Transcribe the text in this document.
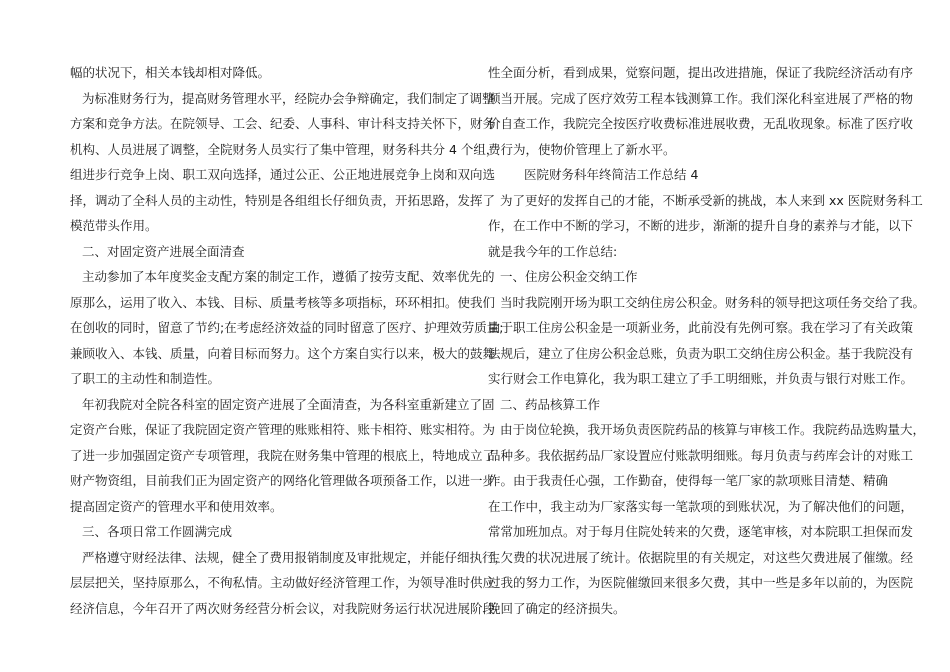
幅的状况下，相关本钱却相对降低。
为标准财务行为，提高财务管理水平，经院办会争辩确定，我们制定了调整
方案和竞争方法。在院领导、工会、纪委、人事科、审计科支持关怀下，财务
机构、人员进展了调整，全院财务人员实行了集中管理，财务科共分 4 个组，
组进步行竞争上岗、职工双向选择，通过公正、公正地进展竞争上岗和双向选
择，调动了全科人员的主动性，特别是各组组长仔细负责，开拓思路，发挥了
模范带头作用。
二、对固定资产进展全面清查
主动参加了本年度奖金支配方案的制定工作，遵循了按劳支配、效率优先的
原那么，运用了收入、本钱、目标、质量考核等多项指标，环环相扣。使我们
在创收的同时，留意了节约;在考虑经济效益的同时留意了医疗、护理效劳质量;
兼顾收入、本钱、质量，向着目标而努力。这个方案自实行以来，极大的鼓舞
了职工的主动性和制造性。
年初我院对全院各科室的固定资产进展了全面清查，为各科室重新建立了固
定资产台账，保证了我院固定资产管理的账账相符、账卡相符、账实相符。为
了进一步加强固定资产专项管理，我院在财务集中管理的根底上，特地成立了
财产物资组，目前我们正为固定资产的网络化管理做各项预备工作，以进一步
提高固定资产的管理水平和使用效率。
三、各项日常工作圆满完成
严格遵守财经法律、法规，健全了费用报销制度及审批规定，并能仔细执行，
层层把关，坚持原那么，不徇私情。主动做好经济管理工作，为领导准时供应
经济信息，今年召开了两次财务经营分析会议，对我院财务运行状况进展阶段
性全面分析，看到成果，觉察问题，提出改进措施，保证了我院经济活动有序
顺当开展。完成了医疗效劳工程本钱测算工作。我们深化科室进展了严格的物
价自查工作，我院完全按医疗收费标准进展收费，无乱收现象。标准了医疗收
费行为，使物价管理上了新水平。
医院财务科年终简洁工作总结 4
为了更好的发挥自己的才能，不断承受新的挑战，本人来到 xx 医院财务科工
作，在工作中不断的学习，不断的进步，渐渐的提升自身的素养与才能，以下
就是我今年的工作总结:
一、住房公积金交纳工作
当时我院刚开场为职工交纳住房公积金。财务科的领导把这项任务交给了我。
由于职工住房公积金是一项新业务，此前没有先例可察。我在学习了有关政策
法规后，建立了住房公积金总账，负责为职工交纳住房公积金。基于我院没有
实行财会工作电算化，我为职工建立了手工明细账，并负责与银行对账工作。
二、药品核算工作
由于岗位轮换，我开场负责医院药品的核算与审核工作。我院药品选购量大，
品种多。我依据药品厂家设置应付账款明细账。每月负责与药库会计的对账工
作。由于我责任心强，工作勤奋，使得每一笔厂家的款项账目清楚、精确
在工作中，我主动为厂家落实每一笔款项的到账状况，为了解决他们的问题，
常常加班加点。对于每月住院处转来的欠费，逐笔审核，对本院职工担保而发
生欠费的状况进展了统计。依据院里的有关规定，对这些欠费进展了催缴。经
过我的努力工作，为医院催缴回来很多欠费，其中一些是多年以前的，为医院
挽回了确定的经济损失。
